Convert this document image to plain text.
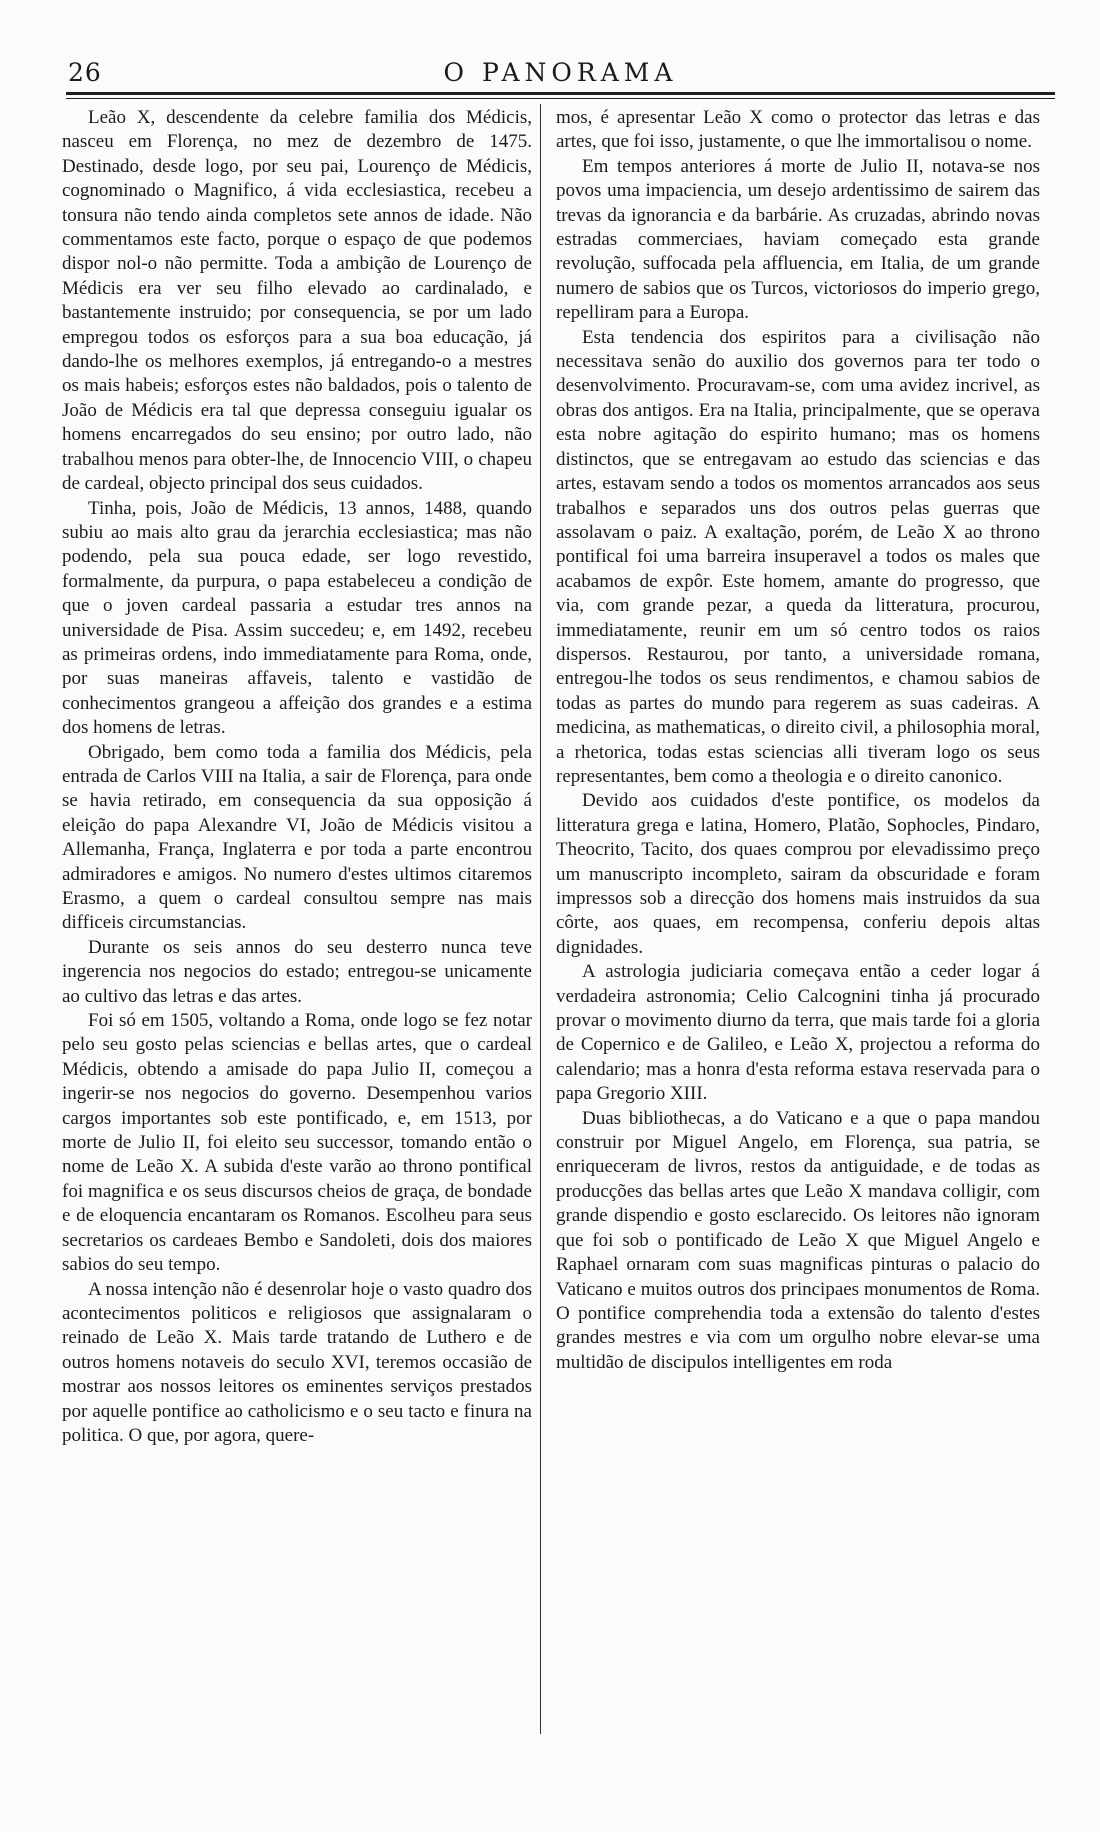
26	O PANORAMA

Leão X, descendente da celebre familia dos Médicis, nasceu em Florença, no mez de dezembro de 1475. Destinado, desde logo, por seu pai, Lourenço de Médicis, cognominado o Magnifico, á vida ecclesiastica, recebeu a tonsura não tendo ainda completos sete annos de idade. Não commentamos este facto, porque o espaço de que podemos dispor nol-o não permitte. Toda a ambição de Lourenço de Médicis era ver seu filho elevado ao cardinalado, e bastantemente instruido; por consequencia, se por um lado empregou todos os esforços para a sua boa educação, já dando-lhe os melhores exemplos, já entregando-o a mestres os mais habeis; esforços estes não baldados, pois o talento de João de Médicis era tal que depressa conseguiu igualar os homens encarregados do seu ensino; por outro lado, não trabalhou menos para obter-lhe, de Innocencio VIII, o chapeu de cardeal, objecto principal dos seus cuidados.

Tinha, pois, João de Médicis, 13 annos, 1488, quando subiu ao mais alto grau da jerarchia ecclesiastica; mas não podendo, pela sua pouca edade, ser logo revestido, formalmente, da purpura, o papa estabeleceu a condição de que o joven cardeal passaria a estudar tres annos na universidade de Pisa. Assim succedeu; e, em 1492, recebeu as primeiras ordens, indo immediatamente para Roma, onde, por suas maneiras affaveis, talento e vastidão de conhecimentos grangeou a affeição dos grandes e a estima dos homens de letras.

Obrigado, bem como toda a familia dos Médicis, pela entrada de Carlos VIII na Italia, a sair de Florença, para onde se havia retirado, em consequencia da sua opposição á eleição do papa Alexandre VI, João de Médicis visitou a Allemanha, França, Inglaterra e por toda a parte encontrou admiradores e amigos. No numero d'estes ultimos citaremos Erasmo, a quem o cardeal consultou sempre nas mais difficeis circumstancias.

Durante os seis annos do seu desterro nunca teve ingerencia nos negocios do estado; entregou-se unicamente ao cultivo das letras e das artes.

Foi só em 1505, voltando a Roma, onde logo se fez notar pelo seu gosto pelas sciencias e bellas artes, que o cardeal Médicis, obtendo a amisade do papa Julio II, começou a ingerir-se nos negocios do governo. Desempenhou varios cargos importantes sob este pontificado, e, em 1513, por morte de Julio II, foi eleito seu successor, tomando então o nome de Leão X. A subida d'este varão ao throno pontifical foi magnifica e os seus discursos cheios de graça, de bondade e de eloquencia encantaram os Romanos. Escolheu para seus secretarios os cardeaes Bembo e Sandoleti, dois dos maiores sabios do seu tempo.

A nossa intenção não é desenrolar hoje o vasto quadro dos acontecimentos politicos e religiosos que assignalaram o reinado de Leão X. Mais tarde tratando de Luthero e de outros homens notaveis do seculo XVI, teremos occasião de mostrar aos nossos leitores os eminentes serviços prestados por aquelle pontifice ao catholicismo e o seu tacto e finura na politica. O que, por agora, quere-

mos, é apresentar Leão X como o protector das letras e das artes, que foi isso, justamente, o que lhe immortalisou o nome.

Em tempos anteriores á morte de Julio II, notava-se nos povos uma impaciencia, um desejo ardentissimo de sairem das trevas da ignorancia e da barbárie. As cruzadas, abrindo novas estradas commerciaes, haviam começado esta grande revolução, suffocada pela affluencia, em Italia, de um grande numero de sabios que os Turcos, victoriosos do imperio grego, repelliram para a Europa.

Esta tendencia dos espiritos para a civilisação não necessitava senão do auxilio dos governos para ter todo o desenvolvimento. Procuravam-se, com uma avidez incrivel, as obras dos antigos. Era na Italia, principalmente, que se operava esta nobre agitação do espirito humano; mas os homens distinctos, que se entregavam ao estudo das sciencias e das artes, estavam sendo a todos os momentos arrancados aos seus trabalhos e separados uns dos outros pelas guerras que assolavam o paiz. A exaltação, porém, de Leão X ao throno pontifical foi uma barreira insuperavel a todos os males que acabamos de expôr. Este homem, amante do progresso, que via, com grande pezar, a queda da litteratura, procurou, immediatamente, reunir em um só centro todos os raios dispersos. Restaurou, por tanto, a universidade romana, entregou-lhe todos os seus rendimentos, e chamou sabios de todas as partes do mundo para regerem as suas cadeiras. A medicina, as mathematicas, o direito civil, a philosophia moral, a rhetorica, todas estas sciencias alli tiveram logo os seus representantes, bem como a theologia e o direito canonico.

Devido aos cuidados d'este pontifice, os modelos da litteratura grega e latina, Homero, Platão, Sophocles, Pindaro, Theocrito, Tacito, dos quaes comprou por elevadissimo preço um manuscripto incompleto, sairam da obscuridade e foram impressos sob a direcção dos homens mais instruidos da sua côrte, aos quaes, em recompensa, conferiu depois altas dignidades.

A astrologia judiciaria começava então a ceder logar á verdadeira astronomia; Celio Calcognini tinha já procurado provar o movimento diurno da terra, que mais tarde foi a gloria de Copernico e de Galileo, e Leão X, projectou a reforma do calendario; mas a honra d'esta reforma estava reservada para o papa Gregorio XIII.

Duas bibliothecas, a do Vaticano e a que o papa mandou construir por Miguel Angelo, em Florença, sua patria, se enriqueceram de livros, restos da antiguidade, e de todas as producções das bellas artes que Leão X mandava colligir, com grande dispendio e gosto esclarecido. Os leitores não ignoram que foi sob o pontificado de Leão X que Miguel Angelo e Raphael ornaram com suas magnificas pinturas o palacio do Vaticano e muitos outros dos principaes monumentos de Roma. O pontifice comprehendia toda a extensão do talento d'estes grandes mestres e via com um orgulho nobre elevar-se uma multidão de discipulos intelligentes em roda
